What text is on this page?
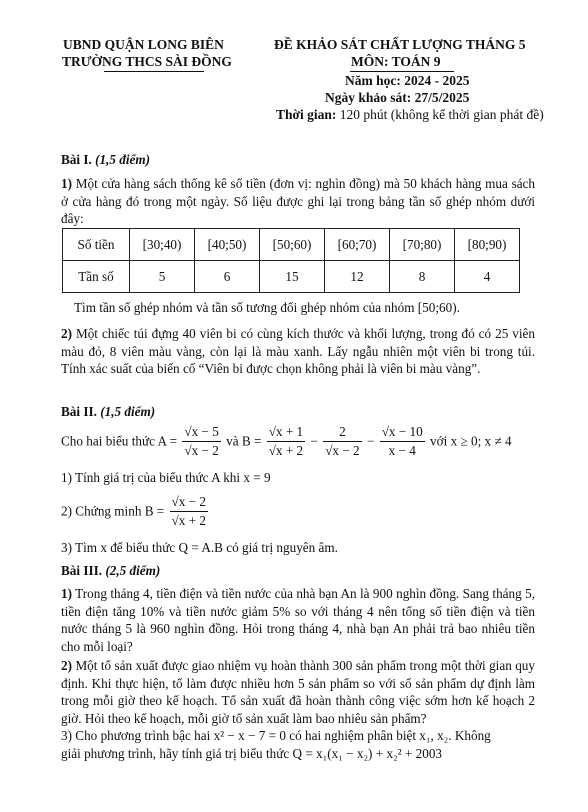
UBND QUẬN LONG BIÊN
TRƯỜNG THCS SÀI ĐỒNG
ĐỀ KHẢO SÁT CHẤT LƯỢNG THÁNG 5
MÔN: TOÁN 9
Năm học: 2024 - 2025
Ngày khảo sát: 27/5/2025
Thời gian: 120 phút (không kể thời gian phát đề)
Bài I. (1,5 điểm)
1) Một cửa hàng sách thống kê số tiền (đơn vị: nghìn đồng) mà 50 khách hàng mua sách ở cửa hàng đó trong một ngày. Số liệu được ghi lại trong bảng tần số ghép nhóm dưới đây:
Số tiền	[30;40)	[40;50)	[50;60)	[60;70)	[70;80)	[80;90)
Tần số	5	6	15	12	8	4
Tìm tần số ghép nhóm và tần số tương đối ghép nhóm của nhóm [50;60).
2) Một chiếc túi đựng 40 viên bi có cùng kích thước và khối lượng, trong đó có 25 viên màu đỏ, 8 viên màu vàng, còn lại là màu xanh. Lấy ngẫu nhiên một viên bi trong túi. Tính xác suất của biến cố “Viên bi được chọn không phải là viên bi màu vàng”.
Bài II. (1,5 điểm)
Cho hai biểu thức $A = \frac{√x - 5}{√x - 2}$ và $B = \frac{√x + 1}{√x + 2} - \frac{2}{√x - 2} - \frac{√x - 10}{x - 4}$ với x ≥ 0; x ≠ 4
1) Tính giá trị của biểu thức A khi x = 9
2) Chứng minh $B = \frac{√x - 2}{√x + 2}$
3) Tìm x để biểu thức Q = A.B có giá trị nguyên âm.
Bài III. (2,5 điểm)
1) Trong tháng 4, tiền điện và tiền nước của nhà bạn An là 900 nghìn đồng. Sang tháng 5, tiền điện tăng 10% và tiền nước giảm 5% so với tháng 4 nên tổng số tiền điện và tiền nước tháng 5 là 960 nghìn đồng. Hỏi trong tháng 4, nhà bạn An phải trả bao nhiêu tiền cho mỗi loại?
2) Một tổ sản xuất được giao nhiệm vụ hoàn thành 300 sản phẩm trong một thời gian quy định. Khi thực hiện, tổ làm được nhiều hơn 5 sản phẩm so với số sản phẩm dự định làm trong mỗi giờ theo kế hoạch. Tổ sản xuất đã hoàn thành công việc sớm hơn kế hoạch 2 giờ. Hỏi theo kế hoạch, mỗi giờ tổ sản xuất làm bao nhiêu sản phẩm?
3) Cho phương trình bậc hai x² − x − 7 = 0 có hai nghiệm phân biệt x₁, x₂. Không
giải phương trình, hãy tính giá trị biểu thức Q = x₁(x₁ − x₂) + x₂² + 2003
